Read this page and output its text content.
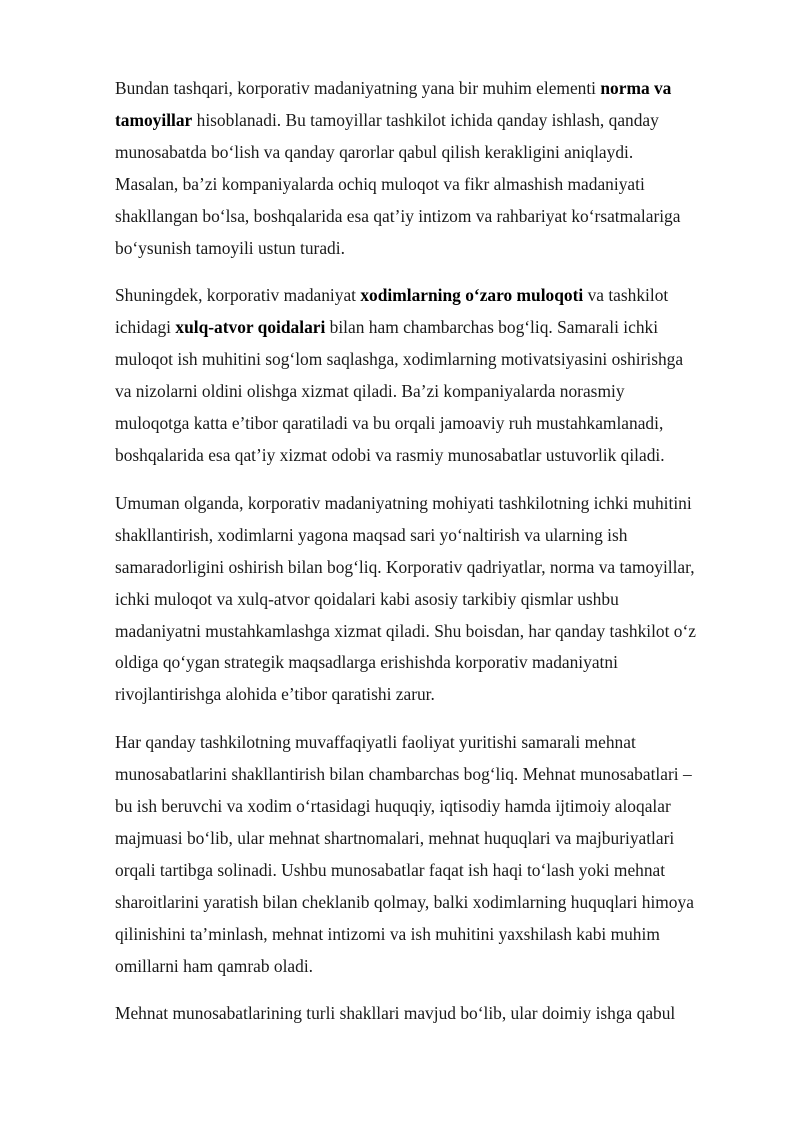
Bundan tashqari, korporativ madaniyatning yana bir muhim elementi norma va
tamoyillar hisoblanadi. Bu tamoyillar tashkilot ichida qanday ishlash, qanday
munosabatda bo‘lish va qanday qarorlar qabul qilish kerakligini aniqlaydi.
Masalan, ba’zi kompaniyalarda ochiq muloqot va fikr almashish madaniyati
shakllangan bo‘lsa, boshqalarida esa qat’iy intizom va rahbariyat ko‘rsatmalariga
bo‘ysunish tamoyili ustun turadi.

Shuningdek, korporativ madaniyat xodimlarning o‘zaro muloqoti va tashkilot
ichidagi xulq-atvor qoidalari bilan ham chambarchas bog‘liq. Samarali ichki
muloqot ish muhitini sog‘lom saqlashga, xodimlarning motivatsiyasini oshirishga
va nizolarni oldini olishga xizmat qiladi. Ba’zi kompaniyalarda norasmiy
muloqotga katta e’tibor qaratiladi va bu orqali jamoaviy ruh mustahkamlanadi,
boshqalarida esa qat’iy xizmat odobi va rasmiy munosabatlar ustuvorlik qiladi.

Umuman olganda, korporativ madaniyatning mohiyati tashkilotning ichki muhitini
shakllantirish, xodimlarni yagona maqsad sari yo‘naltirish va ularning ish
samaradorligini oshirish bilan bog‘liq. Korporativ qadriyatlar, norma va tamoyillar,
ichki muloqot va xulq-atvor qoidalari kabi asosiy tarkibiy qismlar ushbu
madaniyatni mustahkamlashga xizmat qiladi. Shu boisdan, har qanday tashkilot o‘z
oldiga qo‘ygan strategik maqsadlarga erishishda korporativ madaniyatni
rivojlantirishga alohida e’tibor qaratishi zarur.

Har qanday tashkilotning muvaffaqiyatli faoliyat yuritishi samarali mehnat
munosabatlarini shakllantirish bilan chambarchas bog‘liq. Mehnat munosabatlari –
bu ish beruvchi va xodim o‘rtasidagi huquqiy, iqtisodiy hamda ijtimoiy aloqalar
majmuasi bo‘lib, ular mehnat shartnomalari, mehnat huquqlari va majburiyatlari
orqali tartibga solinadi. Ushbu munosabatlar faqat ish haqi to‘lash yoki mehnat
sharoitlarini yaratish bilan cheklanib qolmay, balki xodimlarning huquqlari himoya
qilinishini ta’minlash, mehnat intizomi va ish muhitini yaxshilash kabi muhim
omillarni ham qamrab oladi.

Mehnat munosabatlarining turli shakllari mavjud bo‘lib, ular doimiy ishga qabul
